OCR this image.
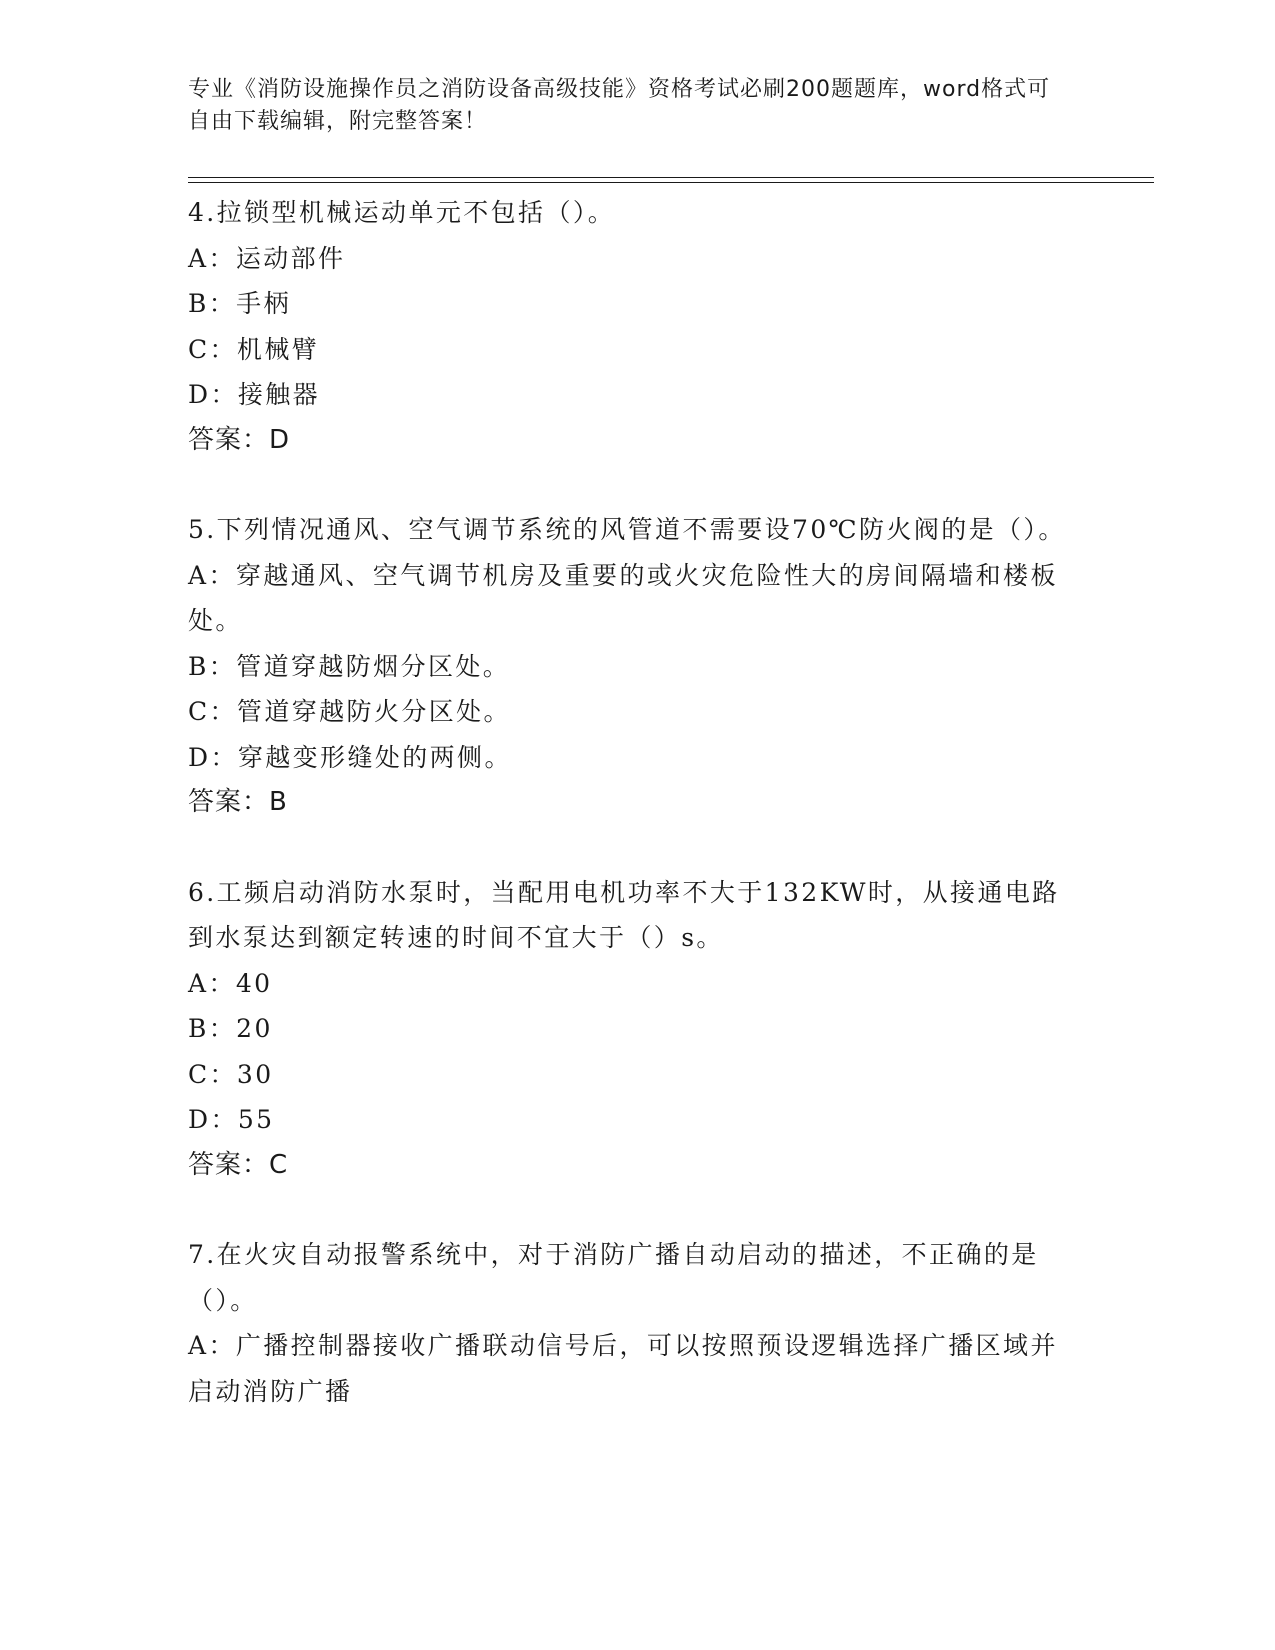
专业《消防设施操作员之消防设备高级技能》资格考试必刷200题题库，word格式可自由下载编辑，附完整答案！
4.拉锁型机械运动单元不包括（）。
A：运动部件
B：手柄
C：机械臂
D：接触器
答案：D
5.下列情况通风、空气调节系统的风管道不需要设70℃防火阀的是（）。
A：穿越通风、空气调节机房及重要的或火灾危险性大的房间隔墙和楼板处。
B：管道穿越防烟分区处。
C：管道穿越防火分区处。
D：穿越变形缝处的两侧。
答案：B
6.工频启动消防水泵时，当配用电机功率不大于132KW时，从接通电路到水泵达到额定转速的时间不宜大于（）s。
A：40
B：20
C：30
D：55
答案：C
7.在火灾自动报警系统中，对于消防广播自动启动的描述，不正确的是（）。
A：广播控制器接收广播联动信号后，可以按照预设逻辑选择广播区域并启动消防广播
